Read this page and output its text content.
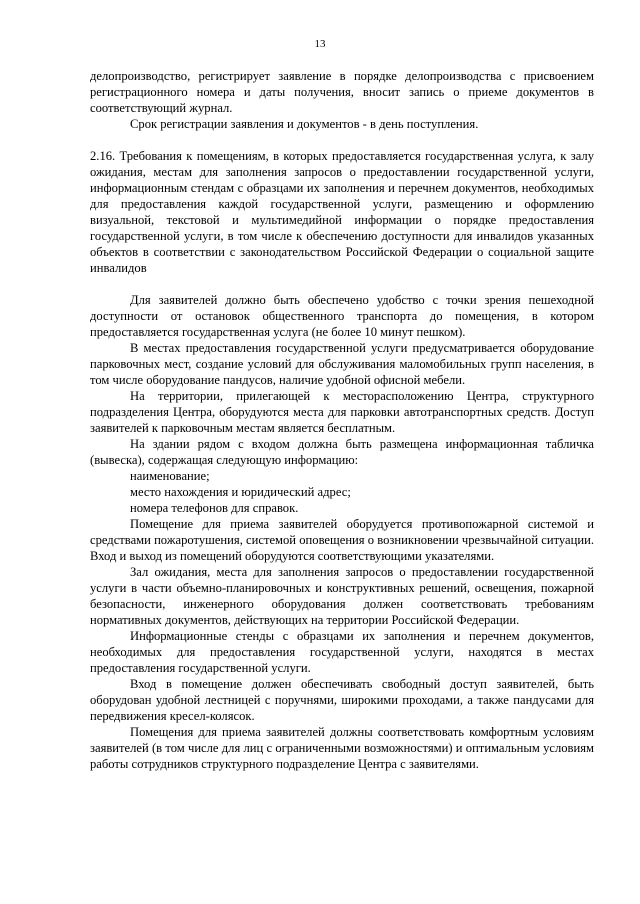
13

делопроизводство, регистрирует заявление в порядке делопроизводства с присвоением регистрационного номера и даты получения, вносит запись о приеме документов в соответствующий журнал.

Срок регистрации заявления и документов - в день поступления.

2.16. Требования к помещениям, в которых предоставляется государственная услуга, к залу ожидания, местам для заполнения запросов о предоставлении государственной услуги, информационным стендам с образцами их заполнения и перечнем документов, необходимых для предоставления каждой государственной услуги, размещению и оформлению визуальной, текстовой и мультимедийной информации о порядке предоставления государственной услуги, в том числе к обеспечению доступности для инвалидов указанных объектов в соответствии с законодательством Российской Федерации о социальной защите инвалидов

Для заявителей должно быть обеспечено удобство с точки зрения пешеходной доступности от остановок общественного транспорта до помещения, в котором предоставляется государственная услуга (не более 10 минут пешком).

В местах предоставления государственной услуги предусматривается оборудование парковочных мест, создание условий для обслуживания маломобильных групп населения, в том числе оборудование пандусов, наличие удобной офисной мебели.

На территории, прилегающей к месторасположению Центра, структурного подразделения Центра, оборудуются места для парковки автотранспортных средств. Доступ заявителей к парковочным местам является бесплатным.

На здании рядом с входом должна быть размещена информационная табличка (вывеска), содержащая следующую информацию:

наименование;

место нахождения и юридический адрес;

номера телефонов для справок.

Помещение для приема заявителей оборудуется противопожарной системой и средствами пожаротушения, системой оповещения о возникновении чрезвычайной ситуации. Вход и выход из помещений оборудуются соответствующими указателями.

Зал ожидания, места для заполнения запросов о предоставлении государственной услуги в части объемно-планировочных и конструктивных решений, освещения, пожарной безопасности, инженерного оборудования должен соответствовать требованиям нормативных документов, действующих на территории Российской Федерации.

Информационные стенды с образцами их заполнения и перечнем документов, необходимых для предоставления государственной услуги, находятся в местах предоставления государственной услуги.

Вход в помещение должен обеспечивать свободный доступ заявителей, быть оборудован удобной лестницей с поручнями, широкими проходами, а также пандусами для передвижения кресел-колясок.

Помещения для приема заявителей должны соответствовать комфортным условиям заявителей (в том числе для лиц с ограниченными возможностями) и оптимальным условиям работы сотрудников структурного подразделение Центра с заявителями.
